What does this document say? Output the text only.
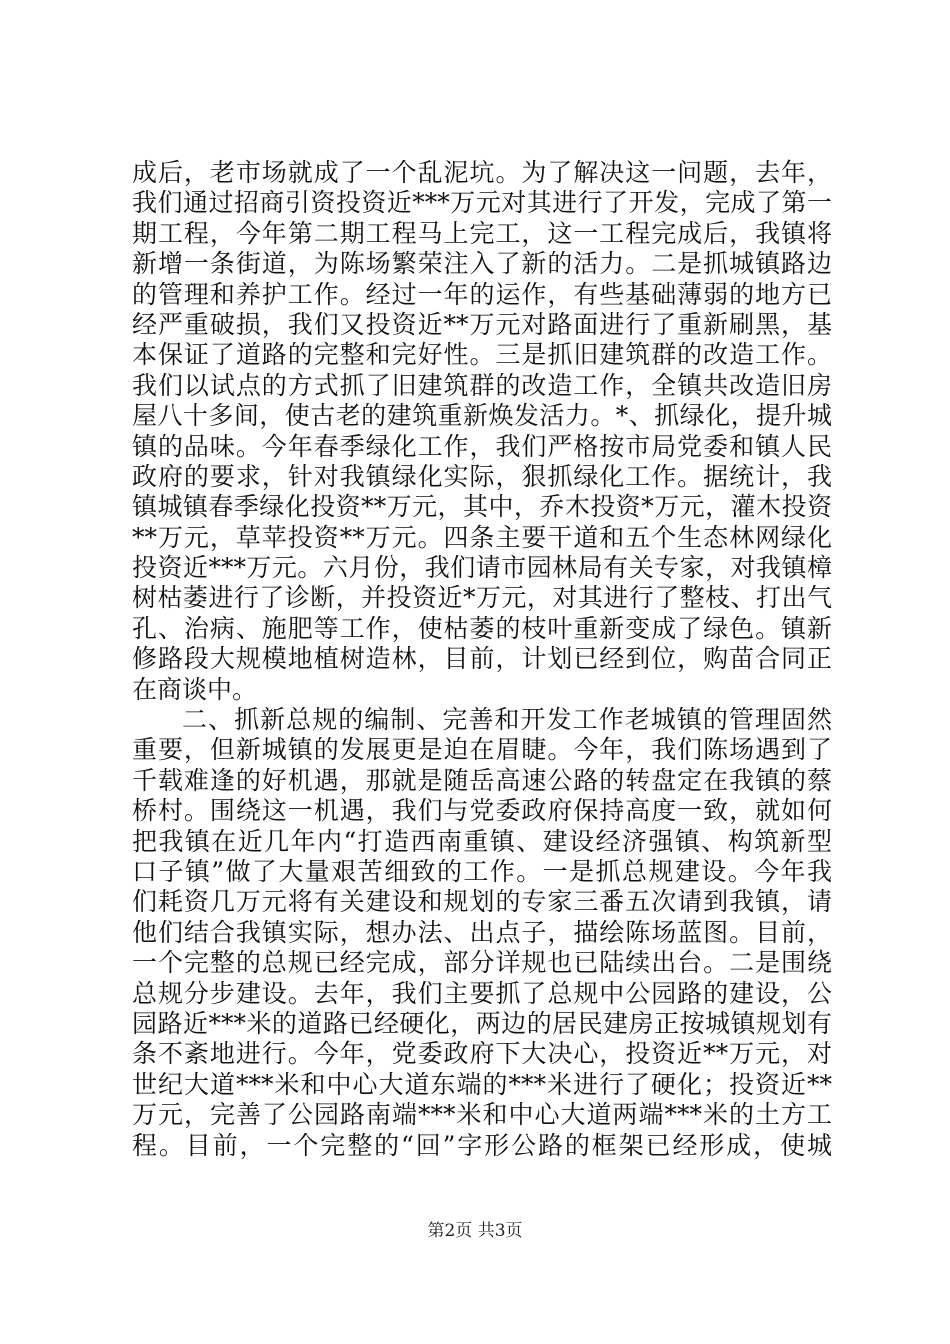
成后，老市场就成了一个乱泥坑。为了解决这一问题，去年，
我们通过招商引资投资近***万元对其进行了开发，完成了第一
期工程，今年第二期工程马上完工，这一工程完成后，我镇将
新增一条街道，为陈场繁荣注入了新的活力。二是抓城镇路边
的管理和养护工作。经过一年的运作，有些基础薄弱的地方已
经严重破损，我们又投资近**万元对路面进行了重新刷黑，基
本保证了道路的完整和完好性。三是抓旧建筑群的改造工作。
我们以试点的方式抓了旧建筑群的改造工作，全镇共改造旧房
屋八十多间，使古老的建筑重新焕发活力。*、抓绿化，提升城
镇的品味。今年春季绿化工作，我们严格按市局党委和镇人民
政府的要求，针对我镇绿化实际，狠抓绿化工作。据统计，我
镇城镇春季绿化投资**万元，其中，乔木投资*万元，灌木投资
**万元，草苹投资**万元。四条主要干道和五个生态林网绿化
投资近***万元。六月份，我们请市园林局有关专家，对我镇樟
树枯萎进行了诊断，并投资近*万元，对其进行了整枝、打出气
孔、治病、施肥等工作，使枯萎的枝叶重新变成了绿色。镇新
修路段大规模地植树造林，目前，计划已经到位，购苗合同正
在商谈中。
二、抓新总规的编制、完善和开发工作老城镇的管理固然
重要，但新城镇的发展更是迫在眉睫。今年，我们陈场遇到了
千载难逢的好机遇，那就是随岳高速公路的转盘定在我镇的蔡
桥村。围绕这一机遇，我们与党委政府保持高度一致，就如何
把我镇在近几年内“打造西南重镇、建设经济强镇、构筑新型
口子镇”做了大量艰苦细致的工作。一是抓总规建设。今年我
们耗资几万元将有关建设和规划的专家三番五次请到我镇，请
他们结合我镇实际，想办法、出点子，描绘陈场蓝图。目前，
一个完整的总规已经完成，部分详规也已陆续出台。二是围绕
总规分步建设。去年，我们主要抓了总规中公园路的建设，公
园路近***米的道路已经硬化，两边的居民建房正按城镇规划有
条不紊地进行。今年，党委政府下大决心，投资近**万元，对
世纪大道***米和中心大道东端的***米进行了硬化；投资近**
万元，完善了公园路南端***米和中心大道两端***米的土方工
程。目前，一个完整的“回”字形公路的框架已经形成，使城
第2页 共3页
